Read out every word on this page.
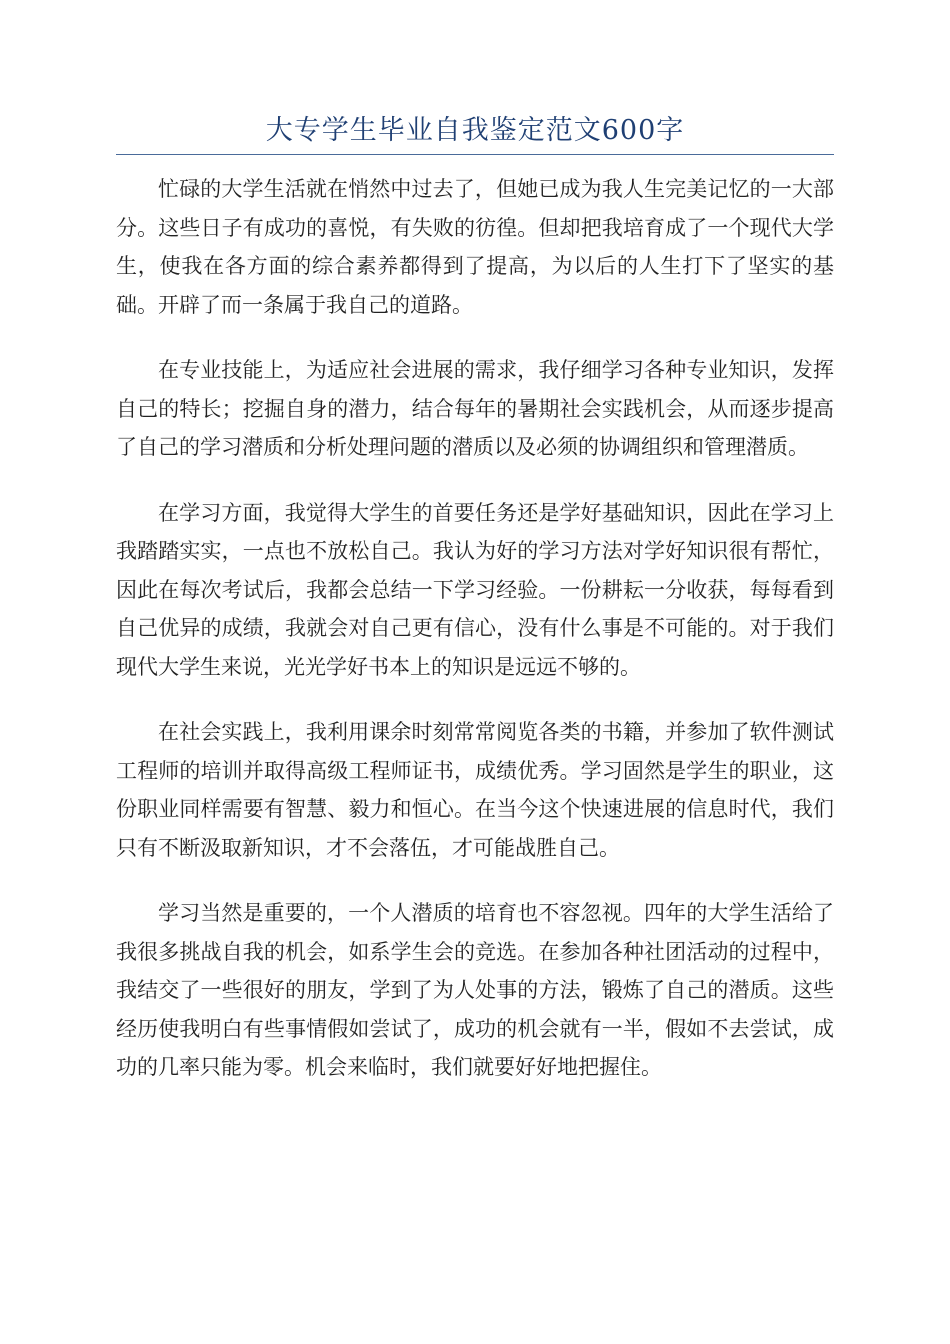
大专学生毕业自我鉴定范文600字

忙碌的大学生活就在悄然中过去了，但她已成为我人生完美记忆的一大部分。这些日子有成功的喜悦，有失败的彷徨。但却把我培育成了一个现代大学生，使我在各方面的综合素养都得到了提高，为以后的人生打下了坚实的基础。开辟了而一条属于我自己的道路。

在专业技能上，为适应社会进展的需求，我仔细学习各种专业知识，发挥自己的特长；挖掘自身的潜力，结合每年的暑期社会实践机会，从而逐步提高了自己的学习潜质和分析处理问题的潜质以及必须的协调组织和管理潜质。

在学习方面，我觉得大学生的首要任务还是学好基础知识，因此在学习上我踏踏实实，一点也不放松自己。我认为好的学习方法对学好知识很有帮忙，因此在每次考试后，我都会总结一下学习经验。一份耕耘一分收获，每每看到自己优异的成绩，我就会对自己更有信心，没有什么事是不可能的。对于我们现代大学生来说，光光学好书本上的知识是远远不够的。

在社会实践上，我利用课余时刻常常阅览各类的书籍，并参加了软件测试工程师的培训并取得高级工程师证书，成绩优秀。学习固然是学生的职业，这份职业同样需要有智慧、毅力和恒心。在当今这个快速进展的信息时代，我们只有不断汲取新知识，才不会落伍，才可能战胜自己。

学习当然是重要的，一个人潜质的培育也不容忽视。四年的大学生活给了我很多挑战自我的机会，如系学生会的竞选。在参加各种社团活动的过程中，我结交了一些很好的朋友，学到了为人处事的方法，锻炼了自己的潜质。这些经历使我明白有些事情假如尝试了，成功的机会就有一半，假如不去尝试，成功的几率只能为零。机会来临时，我们就要好好地把握住。
